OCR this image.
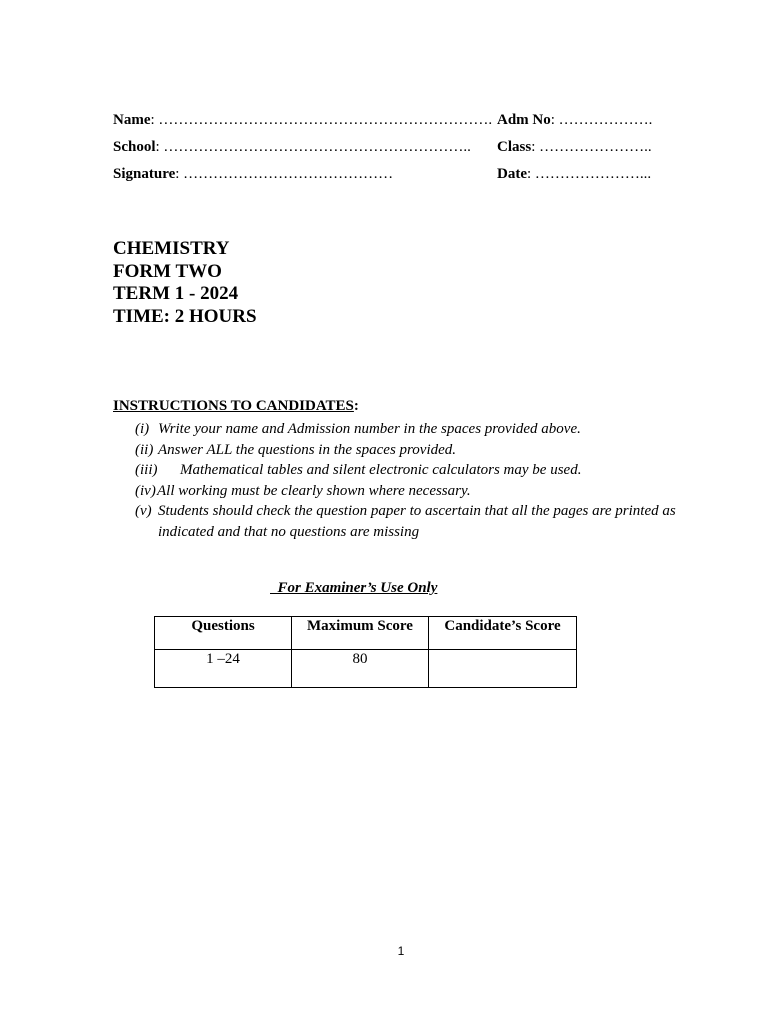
Name: …………………………………………………………. Adm No: ……………….
School: …………………………………………………….. Class: …………………..
Signature: ……………………………………	Date: …………………...
CHEMISTRY
FORM TWO
TERM 1 - 2024
TIME: 2 HOURS
INSTRUCTIONS TO CANDIDATES:
(i) Write your name and Admission number in the spaces provided above.
(ii) Answer ALL the questions in the spaces provided.
(iii) Mathematical tables and silent electronic calculators may be used.
(iv) All working must be clearly shown where necessary.
(v) Students should check the question paper to ascertain that all the pages are printed as indicated and that no questions are missing
For Examiner’s Use Only
Questions	Maximum Score	Candidate’s Score
1 –24	80	
1
